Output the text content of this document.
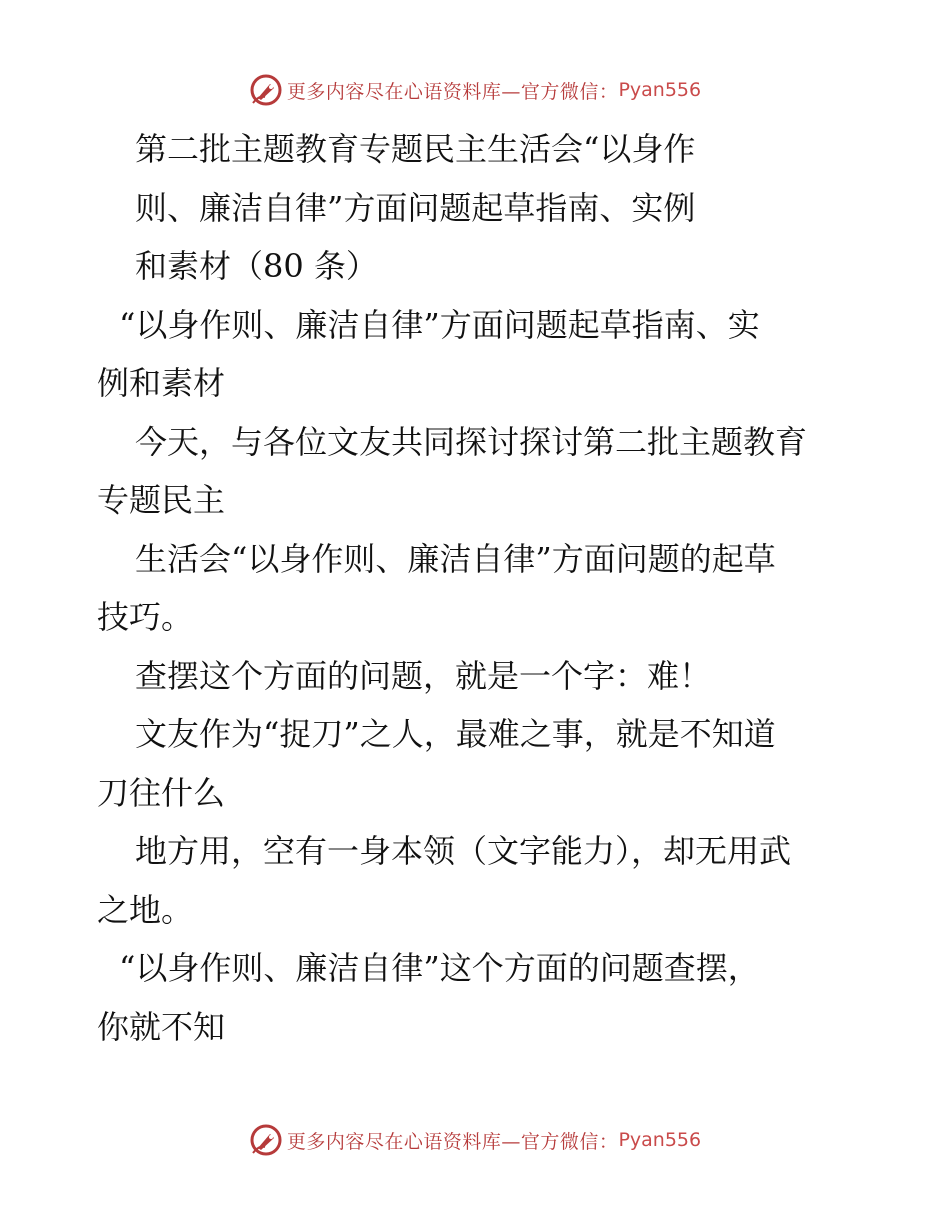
更多内容尽在心语资料库— 官方微信： Pyan556
第二批主题教育专题民主生活会“以身作
则、廉洁自律”方面问题起草指南、实例
和素材（80 条）
“以身作则、廉洁自律”方面问题起草指南、实
例和素材
今天，与各位文友共同探讨探讨第二批主题教育
专题民主
生活会“以身作则、廉洁自律”方面问题的起草
技巧。
查摆这个方面的问题，就是一个字：难！
文友作为“捉刀”之人，最难之事，就是不知道
刀往什么
地方用，空有一身本领（文字能力），却无用武
之地。
“以身作则、廉洁自律”这个方面的问题查摆，
你就不知
更多内容尽在心语资料库— 官方微信： Pyan556
